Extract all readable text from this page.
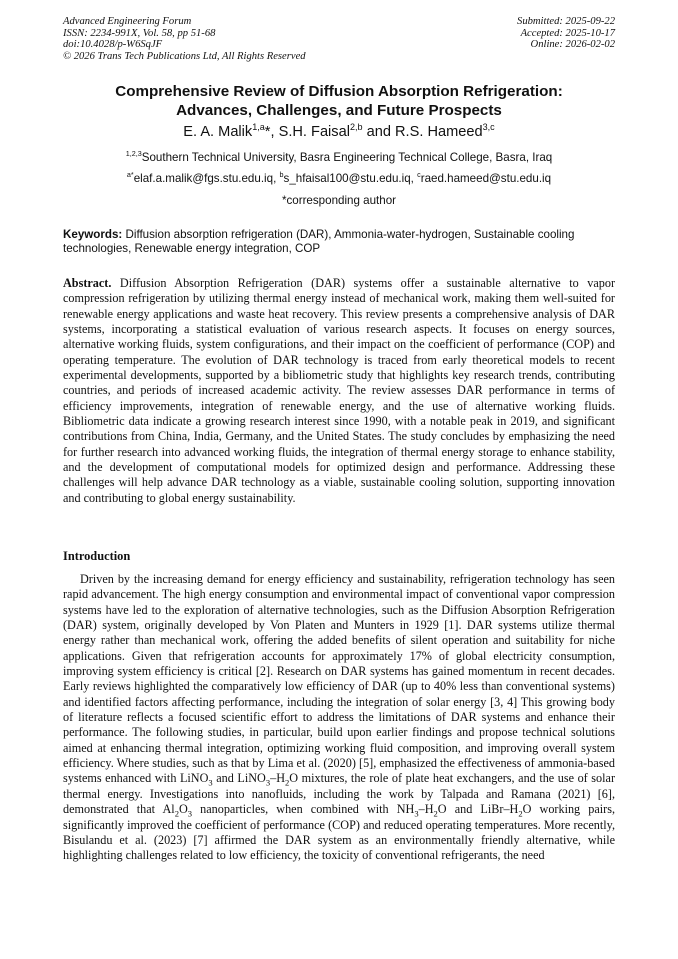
Advanced Engineering Forum
ISSN: 2234-991X, Vol. 58, pp 51-68
doi:10.4028/p-W6SqJF
© 2026 Trans Tech Publications Ltd, All Rights Reserved
Submitted: 2025-09-22
Accepted: 2025-10-17
Online: 2026-02-02
Comprehensive Review of Diffusion Absorption Refrigeration:
Advances, Challenges, and Future Prospects
E. A. Malik$^{1,a}$*, S.H. Faisal$^{2,b}$ and R.S. Hameed$^{3,c}$
$^{1,2,3}$Southern Technical University, Basra Engineering Technical College, Basra, Iraq
$^{a*}$elaf.a.malik@fgs.stu.edu.iq, $^b$s_hfaisal100@stu.edu.iq, $^c$raed.hameed@stu.edu.iq
*corresponding author
Keywords: Diffusion absorption refrigeration (DAR), Ammonia-water-hydrogen, Sustainable cooling technologies, Renewable energy integration, COP
Abstract. Diffusion Absorption Refrigeration (DAR) systems offer a sustainable alternative to vapor compression refrigeration by utilizing thermal energy instead of mechanical work, making them well-suited for renewable energy applications and waste heat recovery. This review presents a comprehensive analysis of DAR systems, incorporating a statistical evaluation of various research aspects. It focuses on energy sources, alternative working fluids, system configurations, and their impact on the coefficient of performance (COP) and operating temperature. The evolution of DAR technology is traced from early theoretical models to recent experimental developments, supported by a bibliometric study that highlights key research trends, contributing countries, and periods of increased academic activity. The review assesses DAR performance in terms of efficiency improvements, integration of renewable energy, and the use of alternative working fluids. Bibliometric data indicate a growing research interest since 1990, with a notable peak in 2019, and significant contributions from China, India, Germany, and the United States. The study concludes by emphasizing the need for further research into advanced working fluids, the integration of thermal energy storage to enhance stability, and the development of computational models for optimized design and performance. Addressing these challenges will help advance DAR technology as a viable, sustainable cooling solution, supporting innovation and contributing to global energy sustainability.
Introduction
Driven by the increasing demand for energy efficiency and sustainability, refrigeration technology has seen rapid advancement. The high energy consumption and environmental impact of conventional vapor compression systems have led to the exploration of alternative technologies, such as the Diffusion Absorption Refrigeration (DAR) system, originally developed by Von Platen and Munters in 1929 [1]. DAR systems utilize thermal energy rather than mechanical work, offering the added benefits of silent operation and suitability for niche applications. Given that refrigeration accounts for approximately 17% of global electricity consumption, improving system efficiency is critical [2]. Research on DAR systems has gained momentum in recent decades. Early reviews highlighted the comparatively low efficiency of DAR (up to 40% less than conventional systems) and identified factors affecting performance, including the integration of solar energy [3, 4] This growing body of literature reflects a focused scientific effort to address the limitations of DAR systems and enhance their performance. The following studies, in particular, build upon earlier findings and propose technical solutions aimed at enhancing thermal integration, optimizing working fluid composition, and improving overall system efficiency. Where studies, such as that by Lima et al. (2020) [5], emphasized the effectiveness of ammonia-based systems enhanced with LiNO$_3$ and $LiNO_3-H_2O$ mixtures, the role of plate heat exchangers, and the use of solar thermal energy. Investigations into nanofluids, including the work by Talpada and Ramana (2021) [6], demonstrated that $Al_2O_3$ nanoparticles, when combined with $NH_3-H_2O$ and LiBr–$H_2O$ working pairs, significantly improved the coefficient of performance (COP) and reduced operating temperatures. More recently, Bisulandu et al. (2023) [7] affirmed the DAR system as an environmentally friendly alternative, while highlighting challenges related to low efficiency, the toxicity of conventional refrigerants, the need
